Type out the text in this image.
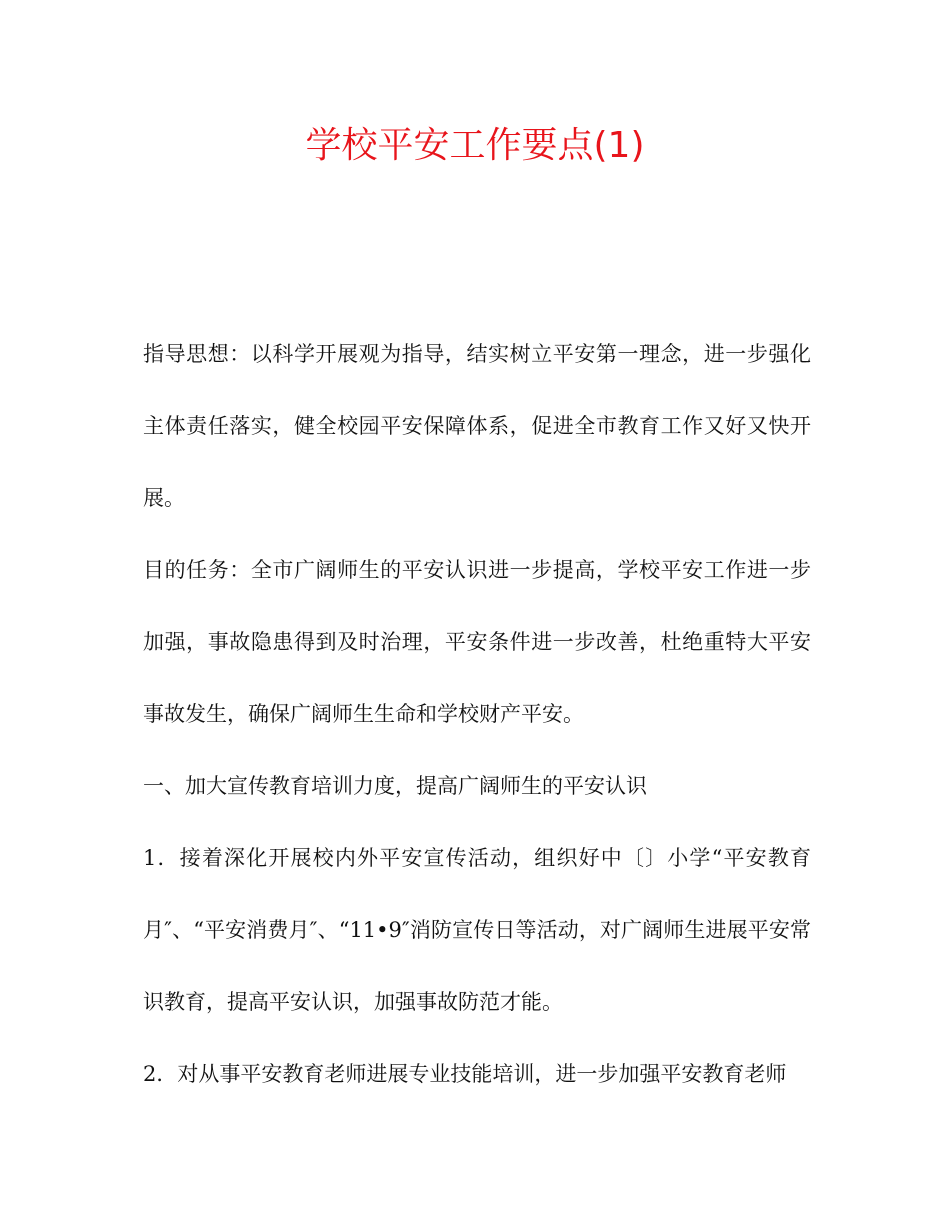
学校平安工作要点(1)

指导思想：以科学开展观为指导，结实树立平安第一理念，进一步强化主体责任落实，健全校园平安保障体系，促进全市教育工作又好又快开展。

目的任务：全市广阔师生的平安认识进一步提高，学校平安工作进一步加强，事故隐患得到及时治理，平安条件进一步改善，杜绝重特大平安事故发生，确保广阔师生生命和学校财产平安。

一、加大宣传教育培训力度，提高广阔师生的平安认识

1．接着深化开展校内外平安宣传活动，组织好中〔〕小学“平安教育月″、“平安消费月″、“11•9″消防宣传日等活动，对广阔师生进展平安常识教育，提高平安认识，加强事故防范才能。

2．对从事平安教育老师进展专业技能培训，进一步加强平安教育老师
